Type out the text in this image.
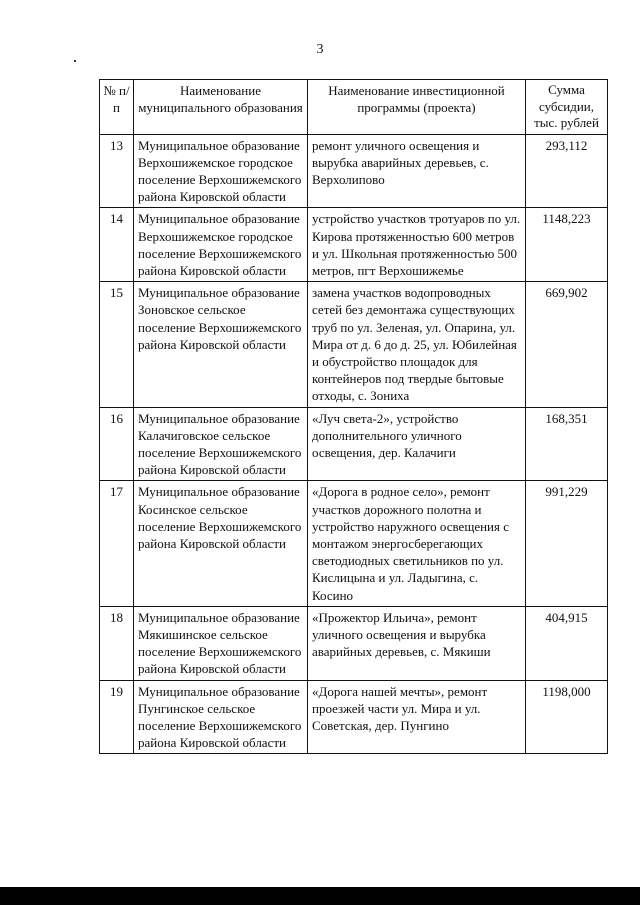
3
№ п/п	Наименование муниципального образования	Наименование инвестиционной программы (проекта)	Сумма субсидии, тыс. рублей
13	Муниципальное образование Верхошижемское городское поселение Верхошижемского района Кировской области	ремонт уличного освещения и вырубка аварийных деревьев, с. Верхолипово	293,112
14	Муниципальное образование Верхошижемское городское поселение Верхошижемского района Кировской области	устройство участков тротуаров по ул. Кирова протяженностью 600 метров и ул. Школьная протяженностью 500 метров, пгт Верхошижемье	1148,223
15	Муниципальное образование Зоновское сельское поселение Верхошижемского района Кировской области	замена участков водопроводных сетей без демонтажа существующих труб по ул. Зеленая, ул. Опарина, ул. Мира от д. 6 до д. 25, ул. Юбилейная и обустройство площадок для контейнеров под твердые бытовые отходы, с. Зониха	669,902
16	Муниципальное образование Калачиговское сельское поселение Верхошижемского района Кировской области	«Луч света-2», устройство дополнительного уличного освещения, дер. Калачиги	168,351
17	Муниципальное образование Косинское сельское поселение Верхошижемского района Кировской области	«Дорога в родное село», ремонт участков дорожного полотна и устройство наружного освещения с монтажом энергосберегающих светодиодных светильников по ул. Кислицына и ул. Ладыгина, с. Косино	991,229
18	Муниципальное образование Мякишинское сельское поселение Верхошижемского района Кировской области	«Прожектор Ильича», ремонт уличного освещения и вырубка аварийных деревьев, с. Мякиши	404,915
19	Муниципальное образование Пунгинское сельское поселение Верхошижемского района Кировской области	«Дорога нашей мечты», ремонт проезжей части ул. Мира и ул. Советская, дер. Пунгино	1198,000
